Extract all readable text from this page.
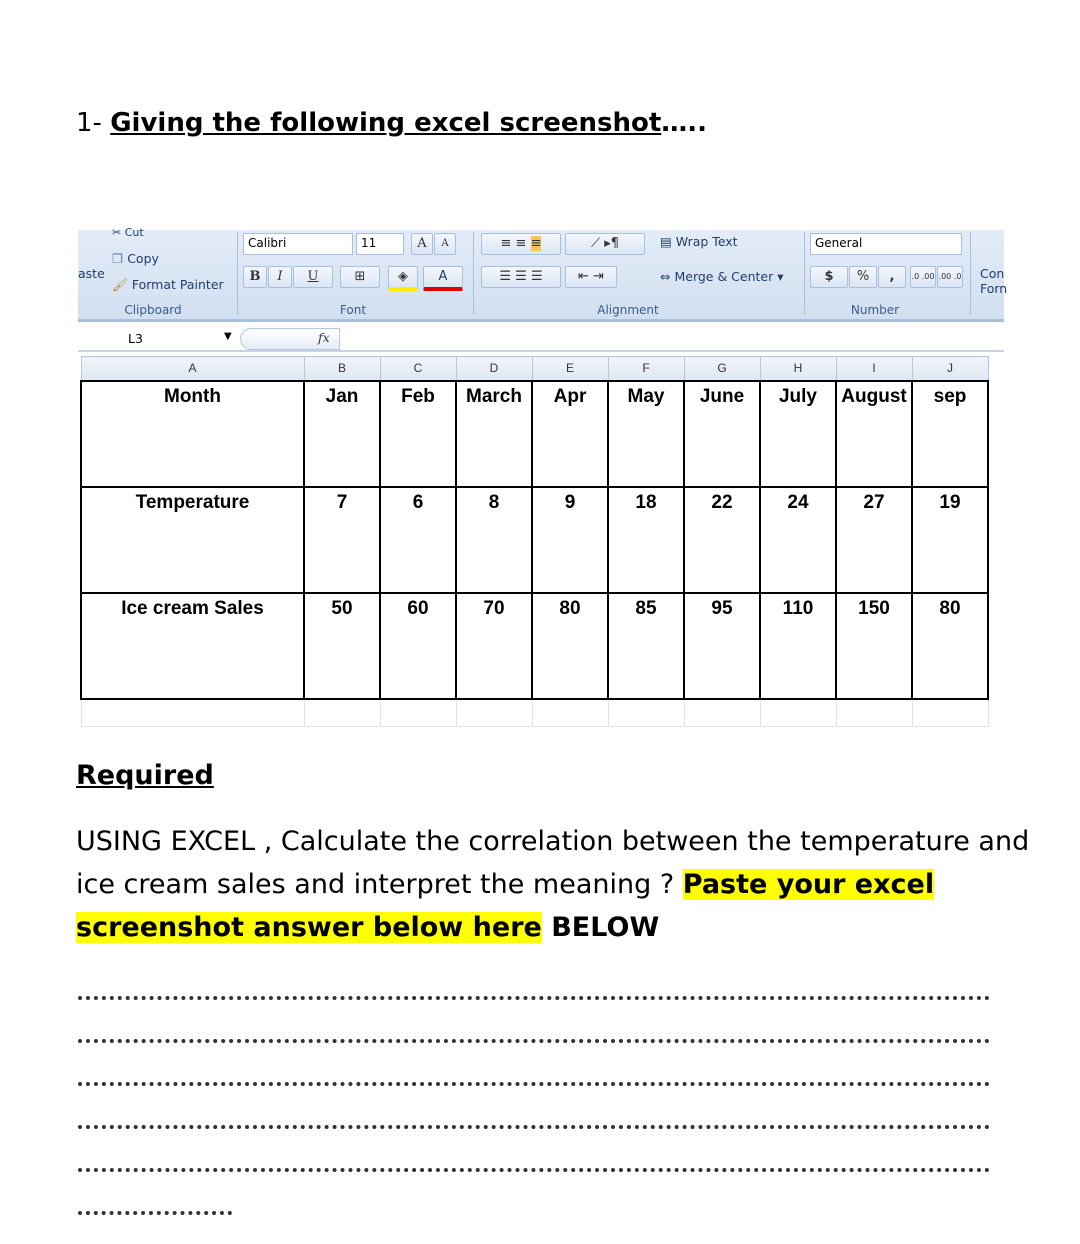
1- Giving the following excel screenshot…..
aste
✂ Cut
❐ Copy
🖌 Format Painter
Clipboard
Calibri	11	A	A
B	I	U	⊞	◈	A
Font
≡ ≡ ≡	⟋ ▸¶
☰ ☰ ☰	⇤ ⇥
▤ Wrap Text
⇔ Merge & Center ▾
Alignment
General
$	%	,	.0 .00 .00 .0
Number
Con
Forn
L3	▼	fx
A	B	C	D	E	F	G	H	I	J
Month	Jan	Feb	March	Apr	May	June	July	August	sep
Temperature	7	6	8	9	18	22	24	27	19
Ice cream Sales	50	60	70	80	85	95	110	150	80

Required
USING EXCEL , Calculate the correlation between the temperature and
ice cream sales and interpret the meaning ? Paste your excel
screenshot answer below here BELOW
